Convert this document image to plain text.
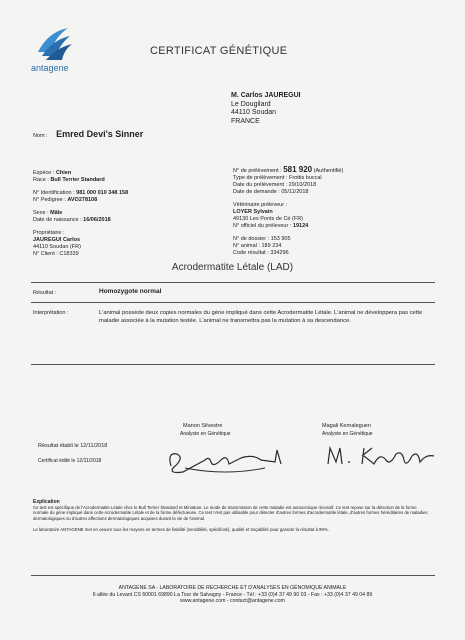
antagene
CERTIFICAT GÉNÉTIQUE
M. Carlos JAUREGUI
Le Dougilard
44110 Soudan
FRANCE
Nom : Emred Devi's Sinner
Espèce : Chien
Race : Bull Terrier Standard
N° Identification : 981 000 010 348 158
N° Pedigree : AVO278108
Sexe : Mâle
Date de naissance : 16/06/2018
Propriétaire :
JAUREGUI Carlos
44110 Soudan (FR)
N° Client : C18339
N° de prélèvement : 581 920 (Authentifié)
Type de prélèvement : Frottis buccal
Date du prélèvement : 29/10/2018
Date de demande : 05/11/2018
Vétérinaire préleveur :
LOYER Sylvain
49130 Les Ponts de Cé (FR)
N° officiel du préleveur : 19124
N° de dossier : 153 905
N° animal : 189 234
Code résultat : 334296
Acrodermatite Létale (LAD)
Résultat :	Homozygote normal
Interprétation :	L'animal possède deux copies normales du gène impliqué dans cette Acrodermatite Létale. L'animal ne développera pas cette maladie associée à la mutation testée. L'animal ne transmettra pas la mutation à sa descendance.
Manon Silvestre
Analyste en Génétique
Magali Kernaleguen
Analyste en Génétique
Résultat établi le 12/11/2018
Certificat édité le 12/11/2018
Explication
Ce test est spécifique de l'Acrodermatite Létale chez le Bull Terrier Standard et Miniature. Le mode de transmission de cette maladie est autosomique récessif. Ce test repose sur la détection de la forme normale du gène impliqué dans cette Acrodermatite Létale et de la forme défectueuse. Ce test n'est pas utilisable pour détecter d'autres formes d'acrodermatite létale, d'autres formes héréditaires de maladies dermatologiques ou d'autres affections dermatologiques acquises durant la vie de l'animal.
Le laboratoire ANTAGENE met en oeuvre tous les moyens en termes de fiabilité (sensibilité, spécificité), qualité et traçabilité pour garantir la résultat à 99%.
ANTAGENE SA - LABORATOIRE DE RECHERCHE ET D'ANALYSES EN GÉNOMIQUE ANIMALE
6 allée du Levant CS 60001 69890 La Tour de Salvagny - France - Tél : +33 (0)4 37 49 90 03 - Fax : +33 (0)4 37 49 04 89
www.antagene.com - contact@antagene.com
